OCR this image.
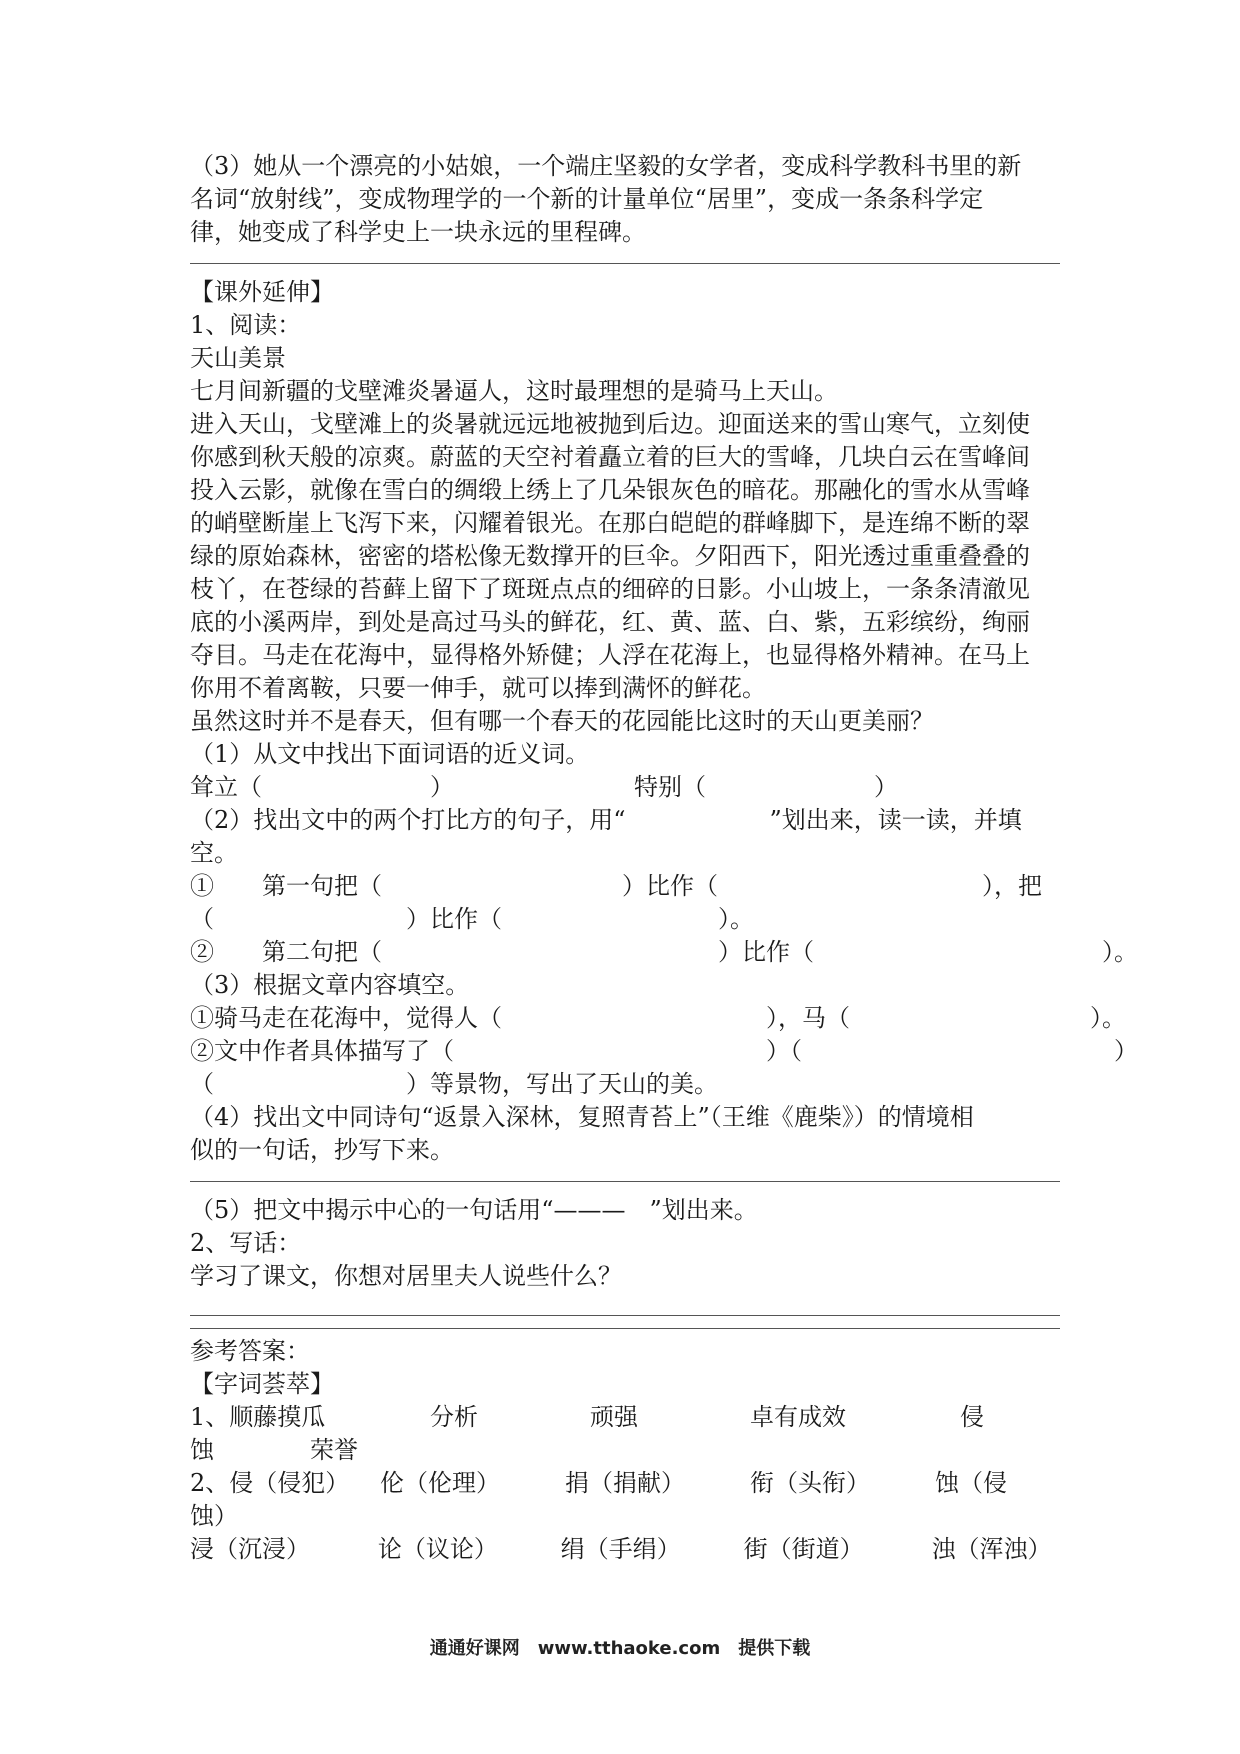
（3）她从一个漂亮的小姑娘，一个端庄坚毅的女学者，变成科学教科书里的新

名词“放射线”，变成物理学的一个新的计量单位“居里”，变成一条条科学定

律，她变成了科学史上一块永远的里程碑。

【课外延伸】

1、阅读：

天山美景

七月间新疆的戈壁滩炎暑逼人，这时最理想的是骑马上天山。

进入天山，戈壁滩上的炎暑就远远地被抛到后边。迎面送来的雪山寒气，立刻使

你感到秋天般的凉爽。蔚蓝的天空衬着矗立着的巨大的雪峰，几块白云在雪峰间

投入云影，就像在雪白的绸缎上绣上了几朵银灰色的暗花。那融化的雪水从雪峰

的峭壁断崖上飞泻下来，闪耀着银光。在那白皑皑的群峰脚下，是连绵不断的翠

绿的原始森林，密密的塔松像无数撑开的巨伞。夕阳西下，阳光透过重重叠叠的

枝丫，在苍绿的苔藓上留下了斑斑点点的细碎的日影。小山坡上，一条条清澈见

底的小溪两岸，到处是高过马头的鲜花，红、黄、蓝、白、紫，五彩缤纷，绚丽

夺目。马走在花海中，显得格外矫健；人浮在花海上，也显得格外精神。在马上

你用不着离鞍，只要一伸手，就可以捧到满怀的鲜花。

虽然这时并不是春天，但有哪一个春天的花园能比这时的天山更美丽？

（1）从文中找出下面词语的近义词。

耸立（　　　　　　　）　　　　　　　　特别（　　　　　　　）

（2）找出文中的两个打比方的句子，用“　　　　　　”划出来，读一读，并填

空。

①　　第一句把（　　　　　　　　　　）比作（　　　　　　　　　　　），把

（　　　　　　　　）比作（　　　　　　　　　）。

②　　第二句把（　　　　　　　　　　　　　　）比作（　　　　　　　　　　　　）。

（3）根据文章内容填空。

①骑马走在花海中，觉得人（　　　　　　　　　　　），马（　　　　　　　　　　）。

②文中作者具体描写了（　　　　　　　　　　　　　）（　　　　　　　　　　　　　）

（　　　　　　　　）等景物，写出了天山的美。

（4）找出文中同诗句“返景入深林，复照青苔上”（王维《鹿柴》）的情境相

似的一句话，抄写下来。

（5）把文中揭示中心的一句话用“———　”划出来。

2、写话：

学习了课文，你想对居里夫人说些什么？

参考答案：

【字词荟萃】

1、顺藤摸瓜	分析	顽强	卓有成效	侵
蚀	荣誉
2、侵（侵犯）	伦（伦理）	捐（捐献）	衔（头衔）	蚀（侵
蚀）
浸（沉浸）	论（议论）	绢（手绢）	街（街道）	浊（浑浊）
通通好课网　www.tthaoke.com　提供下载
